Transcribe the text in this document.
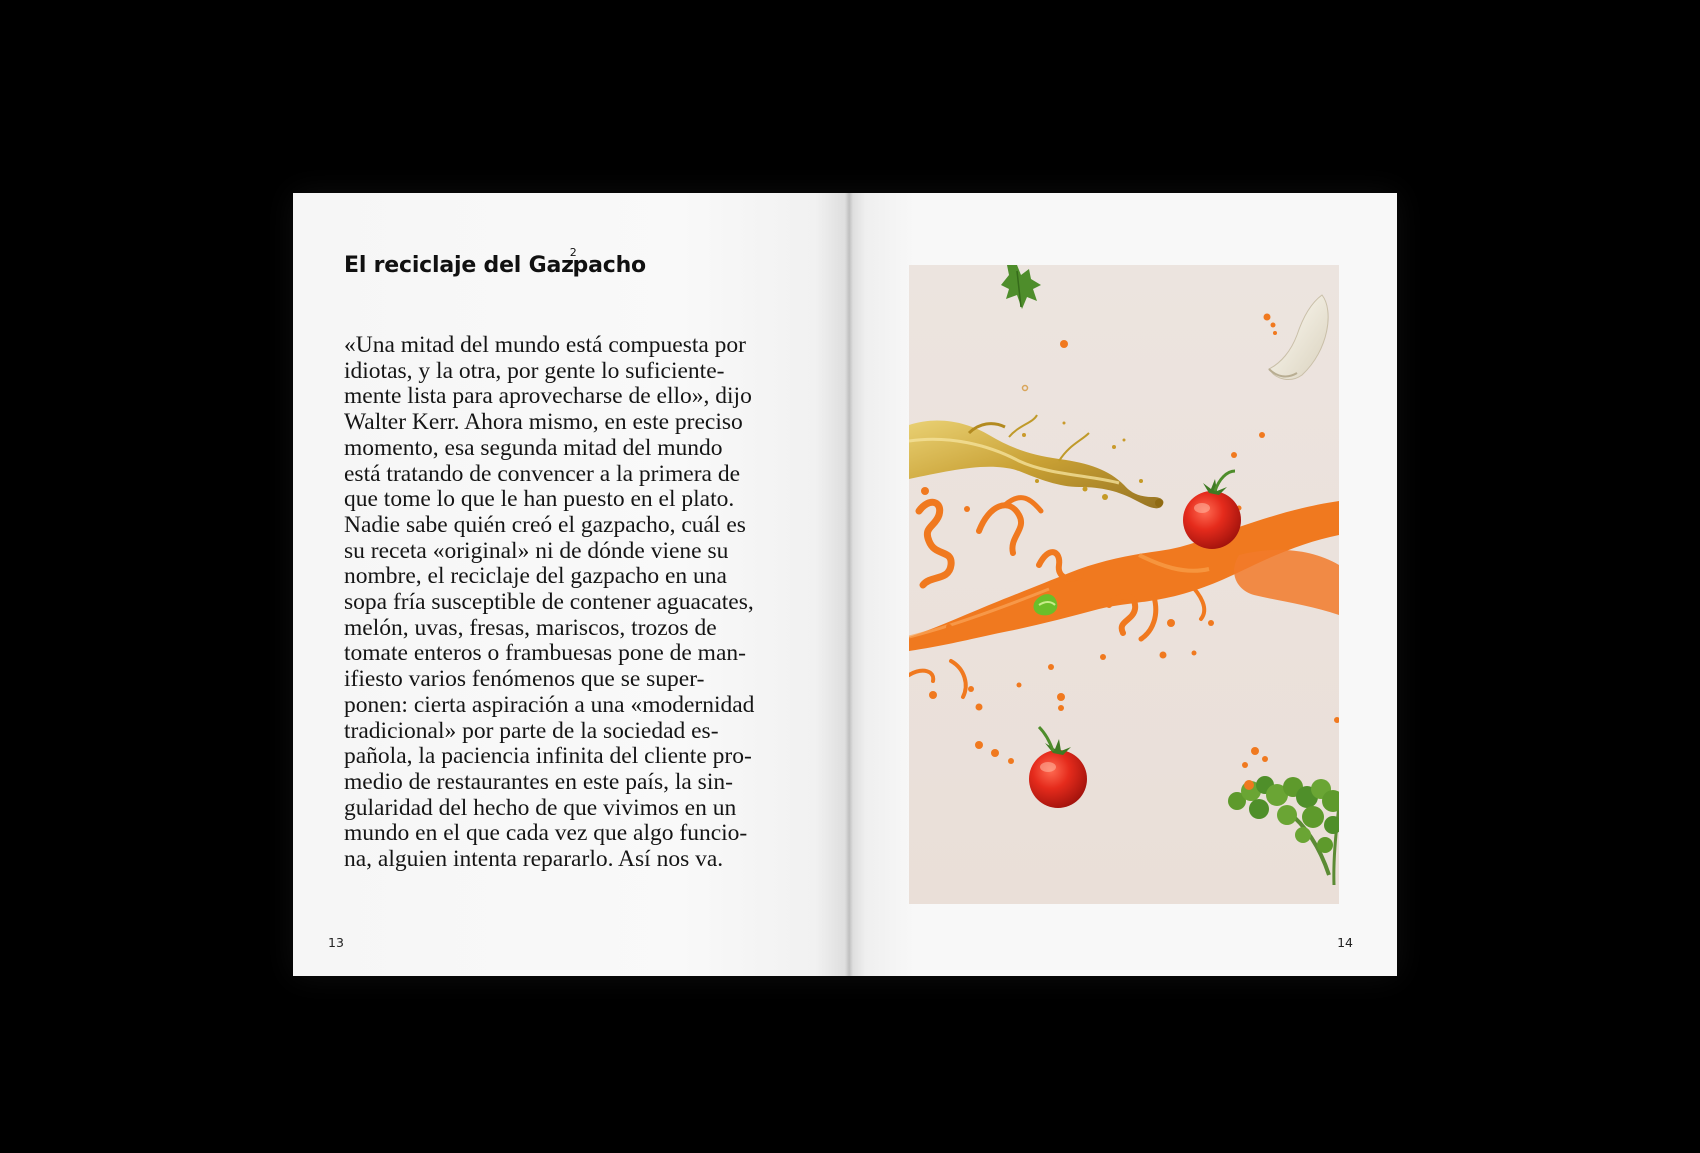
El reciclaje del Gaz$^2$pacho

«Una mitad del mundo está compuesta por
idiotas, y la otra, por gente lo suficiente-
mente lista para aprovecharse de ello», dijo
Walter Kerr. Ahora mismo, en este preciso
momento, esa segunda mitad del mundo
está tratando de convencer a la primera de
que tome lo que le han puesto en el plato.
Nadie sabe quién creó el gazpacho, cuál es
su receta «original» ni de dónde viene su
nombre, el reciclaje del gazpacho en una
sopa fría susceptible de contener aguacates,
melón, uvas, fresas, mariscos, trozos de
tomate enteros o frambuesas pone de man-
ifiesto varios fenómenos que se super-
ponen: cierta aspiración a una «modernidad
tradicional» por parte de la sociedad es-
pañola, la paciencia infinita del cliente pro-
medio de restaurantes en este país, la sin-
gularidad del hecho de que vivimos en un
mundo en el que cada vez que algo funcio-
na, alguien intenta repararlo. Así nos va.

13	14
